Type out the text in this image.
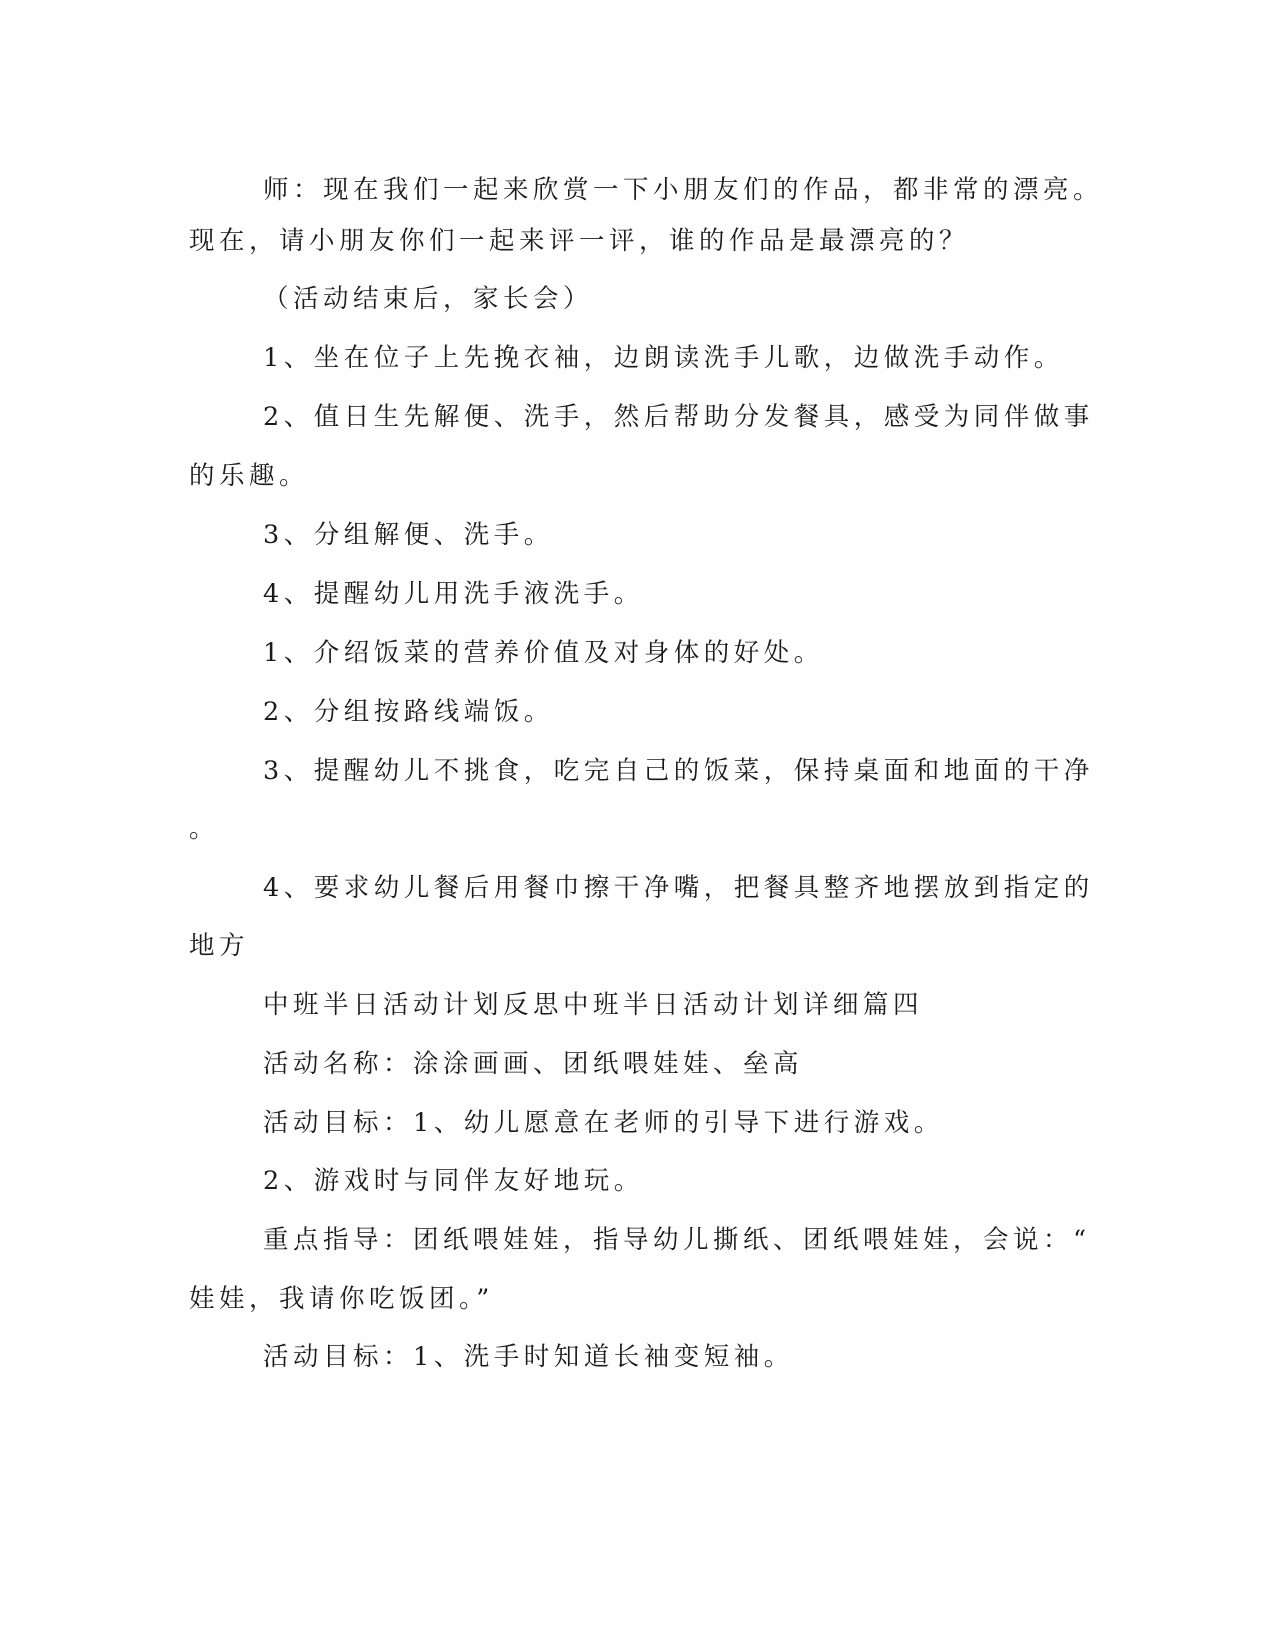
师：现在我们一起来欣赏一下小朋友们的作品，都非常的漂亮。
现在，请小朋友你们一起来评一评，谁的作品是最漂亮的？
（活动结束后，家长会）
1、坐在位子上先挽衣袖，边朗读洗手儿歌，边做洗手动作。
2、值日生先解便、洗手，然后帮助分发餐具，感受为同伴做事
的乐趣。
3、分组解便、洗手。
4、提醒幼儿用洗手液洗手。
1、介绍饭菜的营养价值及对身体的好处。
2、分组按路线端饭。
3、提醒幼儿不挑食，吃完自己的饭菜，保持桌面和地面的干净
。
4、要求幼儿餐后用餐巾擦干净嘴，把餐具整齐地摆放到指定的
地方
中班半日活动计划反思中班半日活动计划详细篇四
活动名称：涂涂画画、团纸喂娃娃、垒高
活动目标：1、幼儿愿意在老师的引导下进行游戏。
2、游戏时与同伴友好地玩。
重点指导：团纸喂娃娃，指导幼儿撕纸、团纸喂娃娃，会说：“
娃娃，我请你吃饭团。”
活动目标：1、洗手时知道长袖变短袖。
